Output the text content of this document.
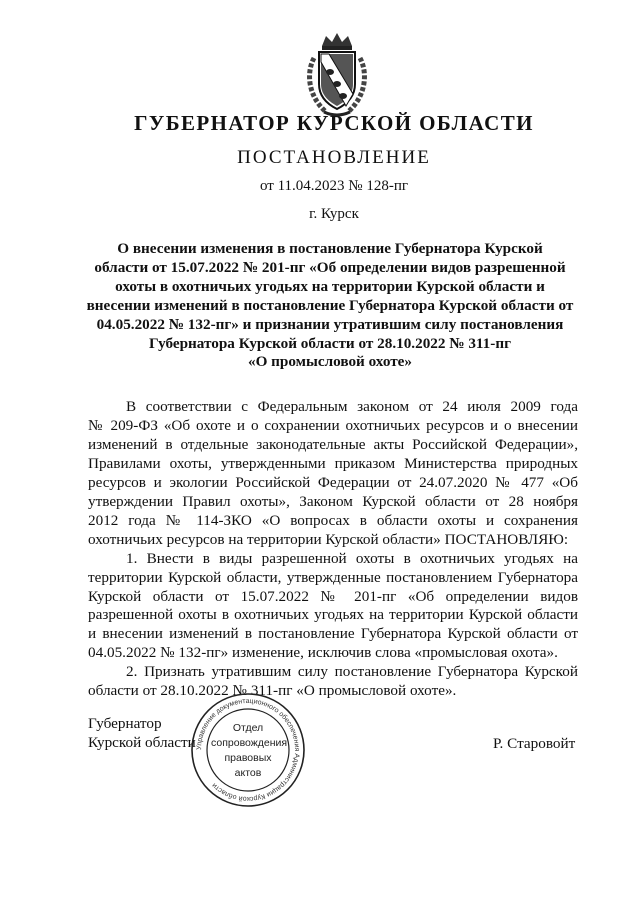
ГУБЕРНАТОР КУРСКОЙ ОБЛАСТИ
ПОСТАНОВЛЕНИЕ
от 11.04.2023 № 128-пг
г. Курск

О внесении изменения в постановление Губернатора Курской
области от 15.07.2022 № 201-пг «Об определении видов разрешенной
охоты в охотничьих угодьях на территории Курской области и
внесении изменений в постановление Губернатора Курской области от
04.05.2022 № 132-пг» и признании утратившим силу постановления
Губернатора Курской области от 28.10.2022 № 311-пг
«О промысловой охоте»

В соответствии с Федеральным законом от 24 июля 2009 года
№ 209-ФЗ «Об охоте и о сохранении охотничьих ресурсов и о внесении
изменений в отдельные законодательные акты Российской Федерации»,
Правилами охоты, утвержденными приказом Министерства природных
ресурсов и экологии Российской Федерации от 24.07.2020 № 477 «Об
утверждении Правил охоты», Законом Курской области от 28 ноября
2012 года № 114-ЗКО «О вопросах в области охоты и сохранения
охотничьих ресурсов на территории Курской области» ПОСТАНОВЛЯЮ:
1. Внести в виды разрешенной охоты в охотничьих угодьях на
территории Курской области, утвержденные постановлением Губернатора
Курской области от 15.07.2022 № 201-пг «Об определении видов
разрешенной охоты в охотничьих угодьях на территории Курской области
и внесении изменений в постановление Губернатора Курской области от
04.05.2022 № 132-пг» изменение, исключив слова «промысловая охота».
2. Признать утратившим силу постановление Губернатора Курской
области от 28.10.2022 № 311-пг «О промысловой охоте».
Губернатор
Курской области	Р. Старовойт
Управление документационного обеспечения Администрации Курской области
Отдел
сопровождения
правовых
актов
